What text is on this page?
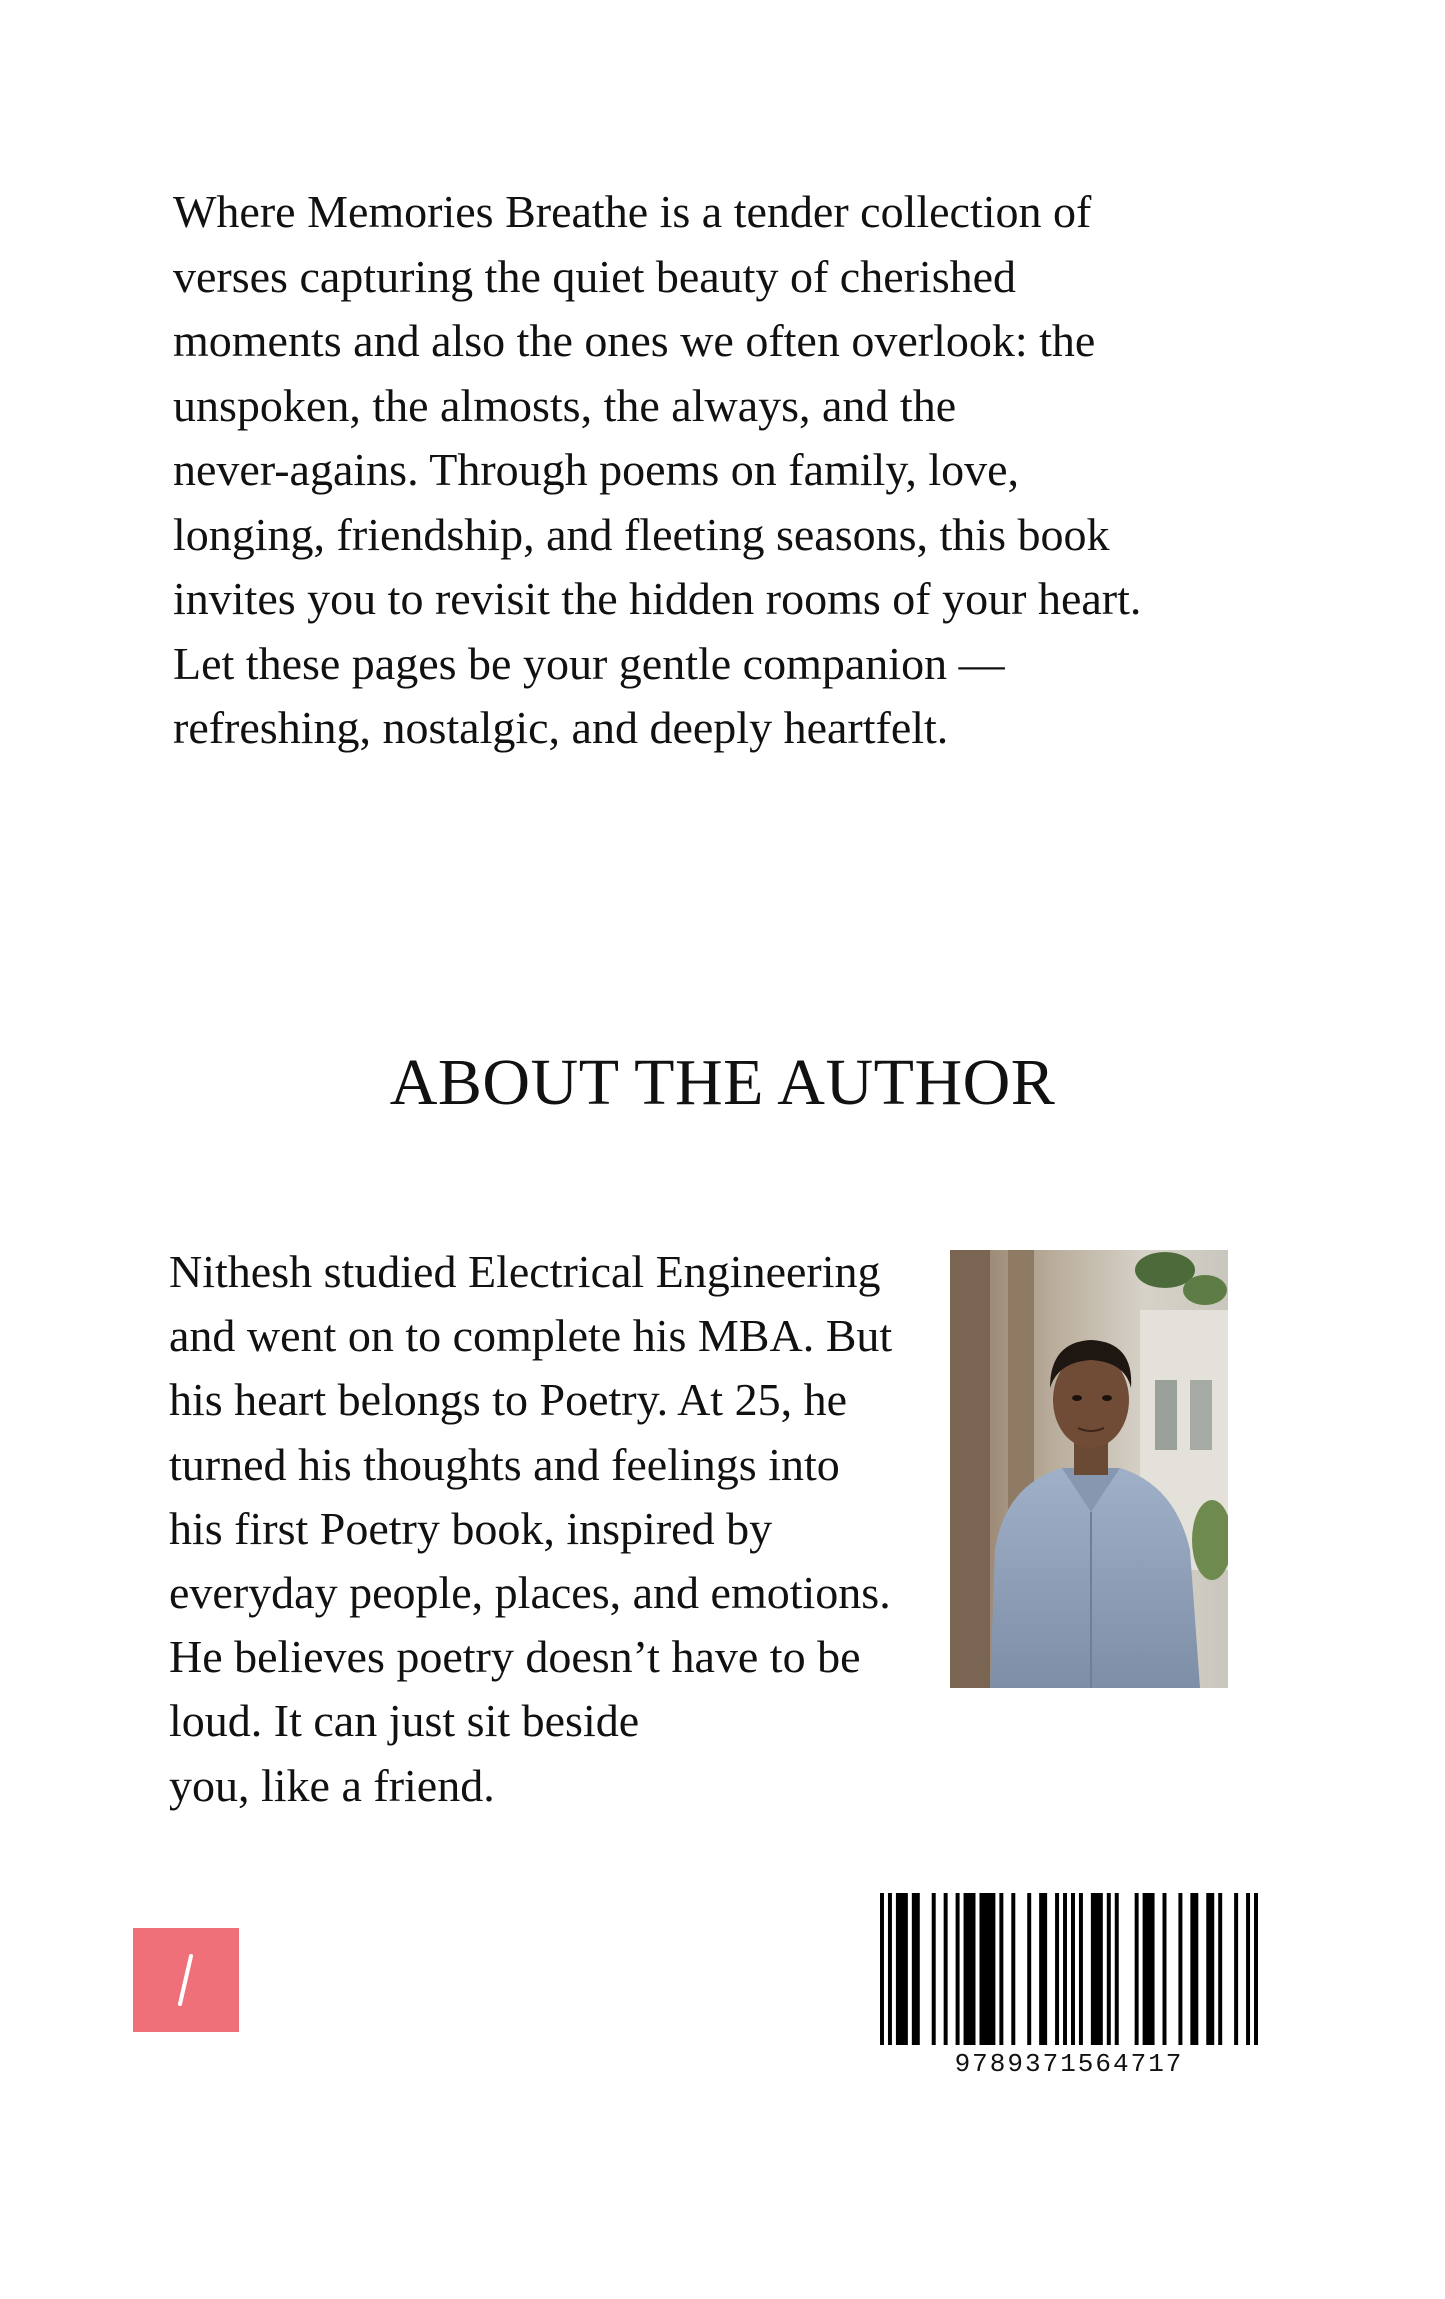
Where Memories Breathe is a tender collection of
verses capturing the quiet beauty of cherished
moments and also the ones we often overlook: the
unspoken, the almosts, the always, and the
never-agains. Through poems on family, love,
longing, friendship, and fleeting seasons, this book
invites you to revisit the hidden rooms of your heart.
Let these pages be your gentle companion —
refreshing, nostalgic, and deeply heartfelt.
ABOUT THE AUTHOR
Nithesh studied Electrical Engineering
and went on to complete his MBA. But
his heart belongs to Poetry. At 25, he
turned his thoughts and feelings into
his first Poetry book, inspired by
everyday people, places, and emotions.
He believes poetry doesn’t have to be
loud. It can just sit beside
you, like a friend.
9789371564717
